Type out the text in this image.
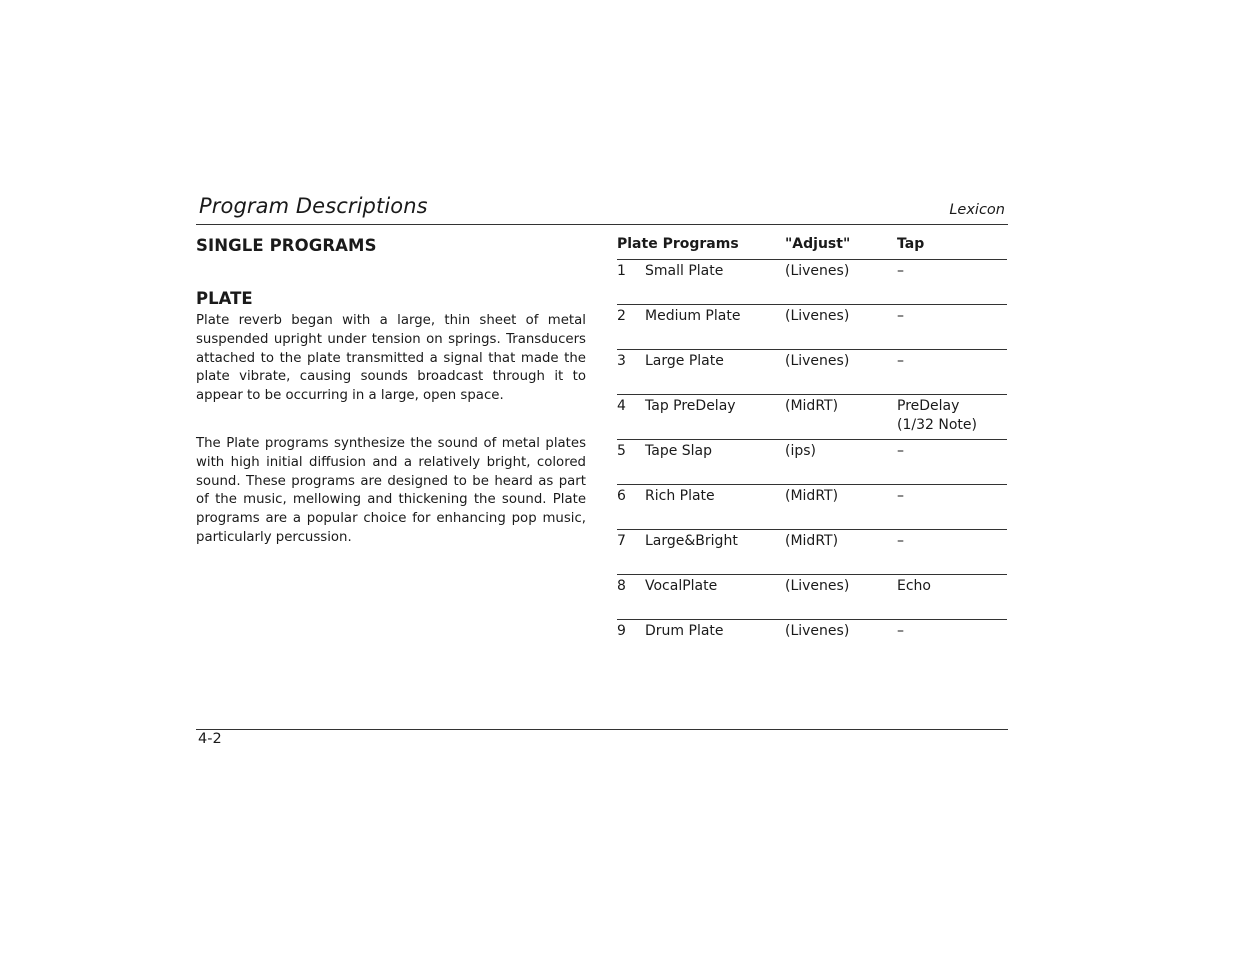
Program Descriptions	Lexicon
SINGLE PROGRAMS
PLATE

Plate reverb began with a large, thin sheet of metal suspended upright under tension on springs. Transducers attached to the plate transmitted a signal that made the plate vibrate, causing sounds broadcast through it to appear to be occurring in a large, open space.

The Plate programs synthesize the sound of metal plates with high initial diffusion and a relatively bright, colored sound. These programs are designed to be heard as part of the music, mellowing and thickening the sound. Plate programs are a popular choice for enhancing pop music, particularly percussion.

Plate Programs	"Adjust"	Tap
1	Small Plate	(Livenes)	–
2	Medium Plate	(Livenes)	–
3	Large Plate	(Livenes)	–
4	Tap PreDelay	(MidRT)	PreDelay
(1/32 Note)
5	Tape Slap	(ips)	–
6	Rich Plate	(MidRT)	–
7	Large&Bright	(MidRT)	–
8	VocalPlate	(Livenes)	Echo
9	Drum Plate	(Livenes)	–
4-2
